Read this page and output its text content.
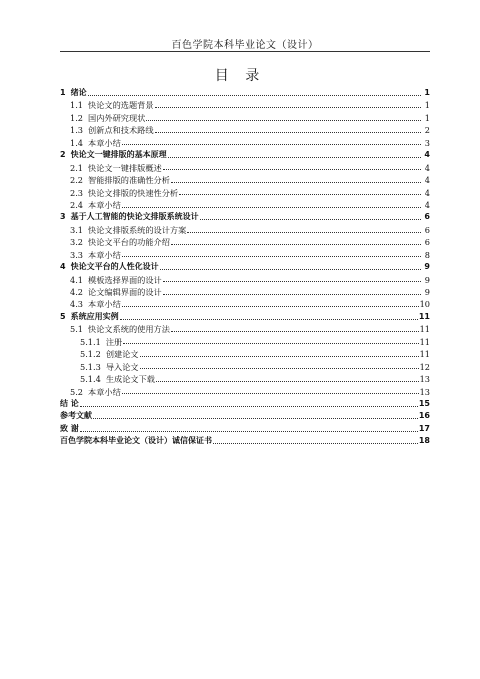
百色学院本科毕业论文（设计）
目 录
1 绪论	1
1.1 快论文的选题背景	1
1.2 国内外研究现状	1
1.3 创新点和技术路线	2
1.4 本章小结	3
2 快论文一键排版的基本原理	4
2.1 快论文一键排版概述	4
2.2 智能排版的准确性分析	4
2.3 快论文排版的快速性分析	4
2.4 本章小结	4
3 基于人工智能的快论文排版系统设计	6
3.1 快论文排版系统的设计方案	6
3.2 快论文平台的功能介绍	6
3.3 本章小结	8
4 快论文平台的人性化设计	9
4.1 模板选择界面的设计	9
4.2 论文编辑界面的设计	9
4.3 本章小结	10
5 系统应用实例	11
5.1 快论文系统的使用方法	11
5.1.1 注册	11
5.1.2 创建论文	11
5.1.3 导入论文	12
5.1.4 生成论文下载	13
5.2 本章小结	13
结 论	15
参考文献	16
致 谢	17
百色学院本科毕业论文（设计）诚信保证书	18
